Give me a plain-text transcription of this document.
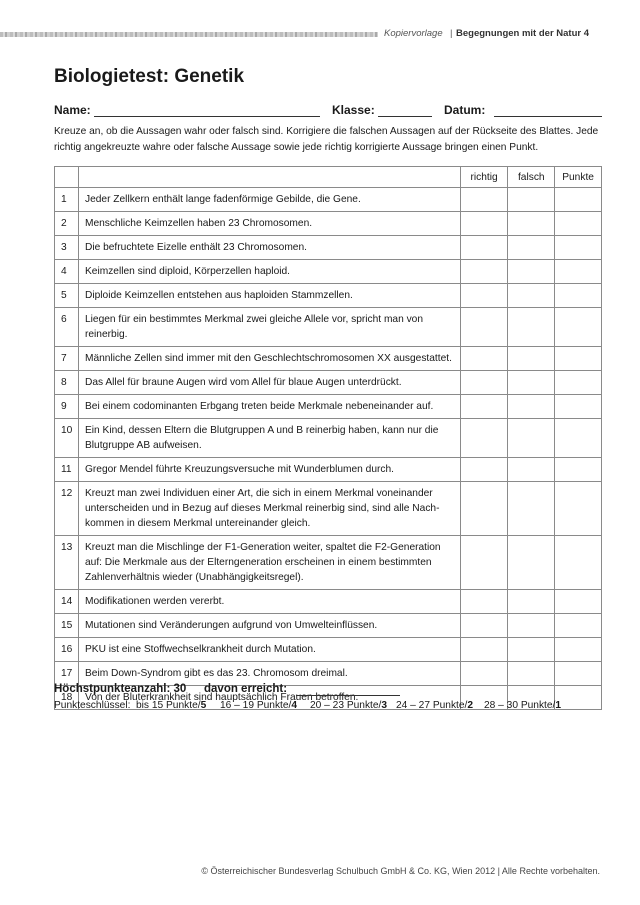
Kopiervorlage | Begegnungen mit der Natur 4
Biologietest: Genetik
Name:	Klasse:	Datum:

Kreuze an, ob die Aussagen wahr oder falsch sind. Korrigiere die falschen Aussagen auf der Rückseite des Blattes. Jede richtig angekreuzte wahre oder falsche Aussage sowie jede richtig korrigierte Aussage bringen einen Punkt.

		richtig	falsch	Punkte
1	Jeder Zellkern enthält lange fadenförmige Gebilde, die Gene.			
2	Menschliche Keimzellen haben 23 Chromosomen.			
3	Die befruchtete Eizelle enthält 23 Chromosomen.			
4	Keimzellen sind diploid, Körperzellen haploid.			
5	Diploide Keimzellen entstehen aus haploiden Stammzellen.			
6	Liegen für ein bestimmtes Merkmal zwei gleiche Allele vor, spricht man von reinerbig.			
7	Männliche Zellen sind immer mit den Geschlechtschromosomen XX ausgestattet.			
8	Das Allel für braune Augen wird vom Allel für blaue Augen unterdrückt.			
9	Bei einem codominanten Erbgang treten beide Merkmale nebeneinander auf.			
10	Ein Kind, dessen Eltern die Blutgruppen A und B reinerbig haben, kann nur die Blutgruppe AB aufweisen.			
11	Gregor Mendel führte Kreuzungsversuche mit Wunderblumen durch.			
12	Kreuzt man zwei Individuen einer Art, die sich in einem Merkmal voneinander unterscheiden und in Bezug auf dieses Merkmal reinerbig sind, sind alle Nach-kommen in diesem Merkmal untereinander gleich.			
13	Kreuzt man die Mischlinge der F1-Generation weiter, spaltet die F2-Generation auf: Die Merkmale aus der Elterngeneration erscheinen in einem bestimmten Zahlenverhältnis wieder (Unabhängigkeitsregel).			
14	Modifikationen werden vererbt.			
15	Mutationen sind Veränderungen aufgrund von Umwelteinflüssen.			
16	PKU ist eine Stoffwechselkrankheit durch Mutation.			
17	Beim Down-Syndrom gibt es das 23. Chromosom dreimal.			
18	Von der Bluterkrankheit sind hauptsächlich Frauen betroffen.			
Höchstpunkteanzahl: 30 davon erreicht:
Punkteschlüssel: bis 15 Punkte/5 16 – 19 Punkte/4 20 – 23 Punkte/3 24 – 27 Punkte/2 28 – 30 Punkte/1
© Österreichischer Bundesverlag Schulbuch GmbH & Co. KG, Wien 2012 | Alle Rechte vorbehalten.
